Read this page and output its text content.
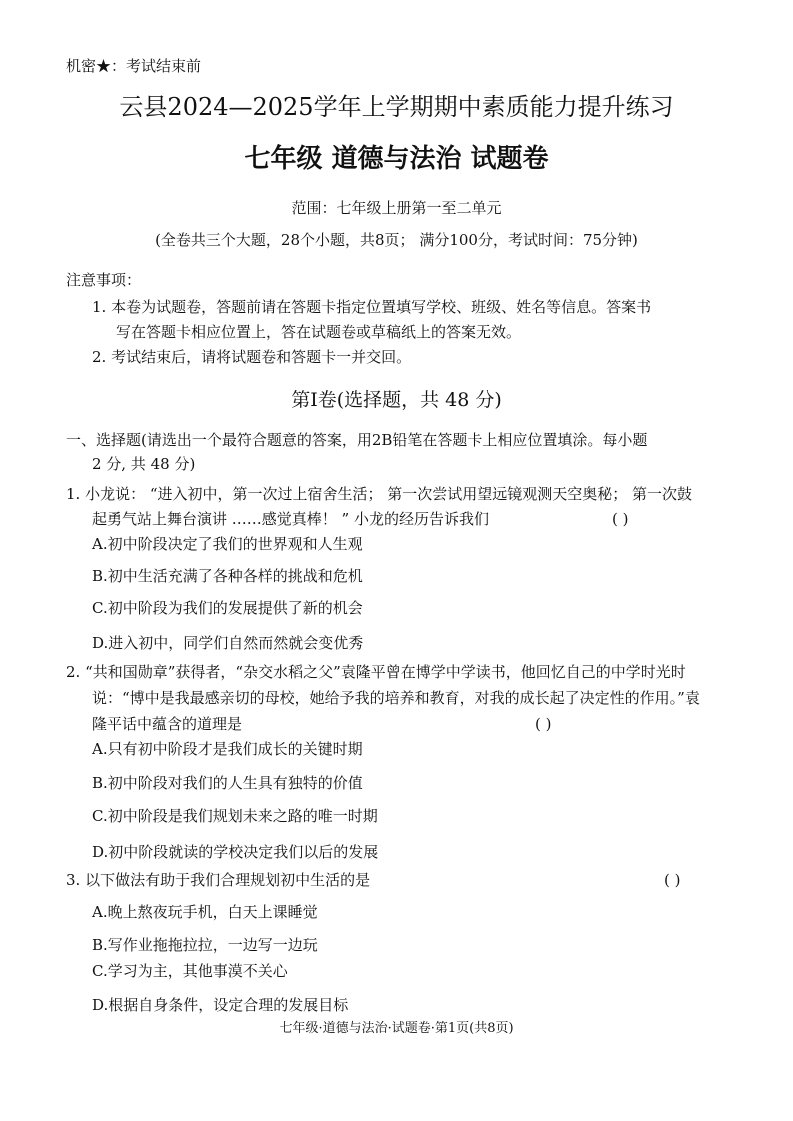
机密★：考试结束前
云县2024—2025学年上学期期中素质能力提升练习
七年级 道德与法治 试题卷
范围：七年级上册第一至二单元
(全卷共三个大题，28个小题，共8页； 满分100分，考试时间：75分钟)
注意事项：
1. 本卷为试题卷，答题前请在答题卡指定位置填写学校、班级、姓名等信息。答案书
写在答题卡相应位置上，答在试题卷或草稿纸上的答案无效。
2. 考试结束后，请将试题卷和答题卡一并交回。
第Ⅰ卷(选择题，共 48 分)
一、选择题(请选出一个最符合题意的答案，用2B铅笔在答题卡上相应位置填涂。每小题
2 分, 共 48 分)
1. 小龙说： “进入初中，第一次过上宿舍生活； 第一次尝试用望远镜观测天空奥秘； 第一次鼓
起勇气站上舞台演讲 ……感觉真棒！ ” 小龙的经历告诉我们	( )
A.初中阶段决定了我们的世界观和人生观
B.初中生活充满了各种各样的挑战和危机
C.初中阶段为我们的发展提供了新的机会
D.进入初中，同学们自然而然就会变优秀
2. “共和国勋章”获得者，“杂交水稻之父”袁隆平曾在博学中学读书，他回忆自己的中学时光时
说：“博中是我最感亲切的母校，她给予我的培养和教育，对我的成长起了决定性的作用。”袁
隆平话中蕴含的道理是	( )
A.只有初中阶段才是我们成长的关键时期
B.初中阶段对我们的人生具有独特的价值
C.初中阶段是我们规划未来之路的唯一时期
D.初中阶段就读的学校决定我们以后的发展
3. 以下做法有助于我们合理规划初中生活的是	( )
A.晚上熬夜玩手机，白天上课睡觉
B.写作业拖拖拉拉，一边写一边玩
C.学习为主，其他事漠不关心
D.根据自身条件，设定合理的发展目标
七年级·道德与法治·试题卷·第1页(共8页)
